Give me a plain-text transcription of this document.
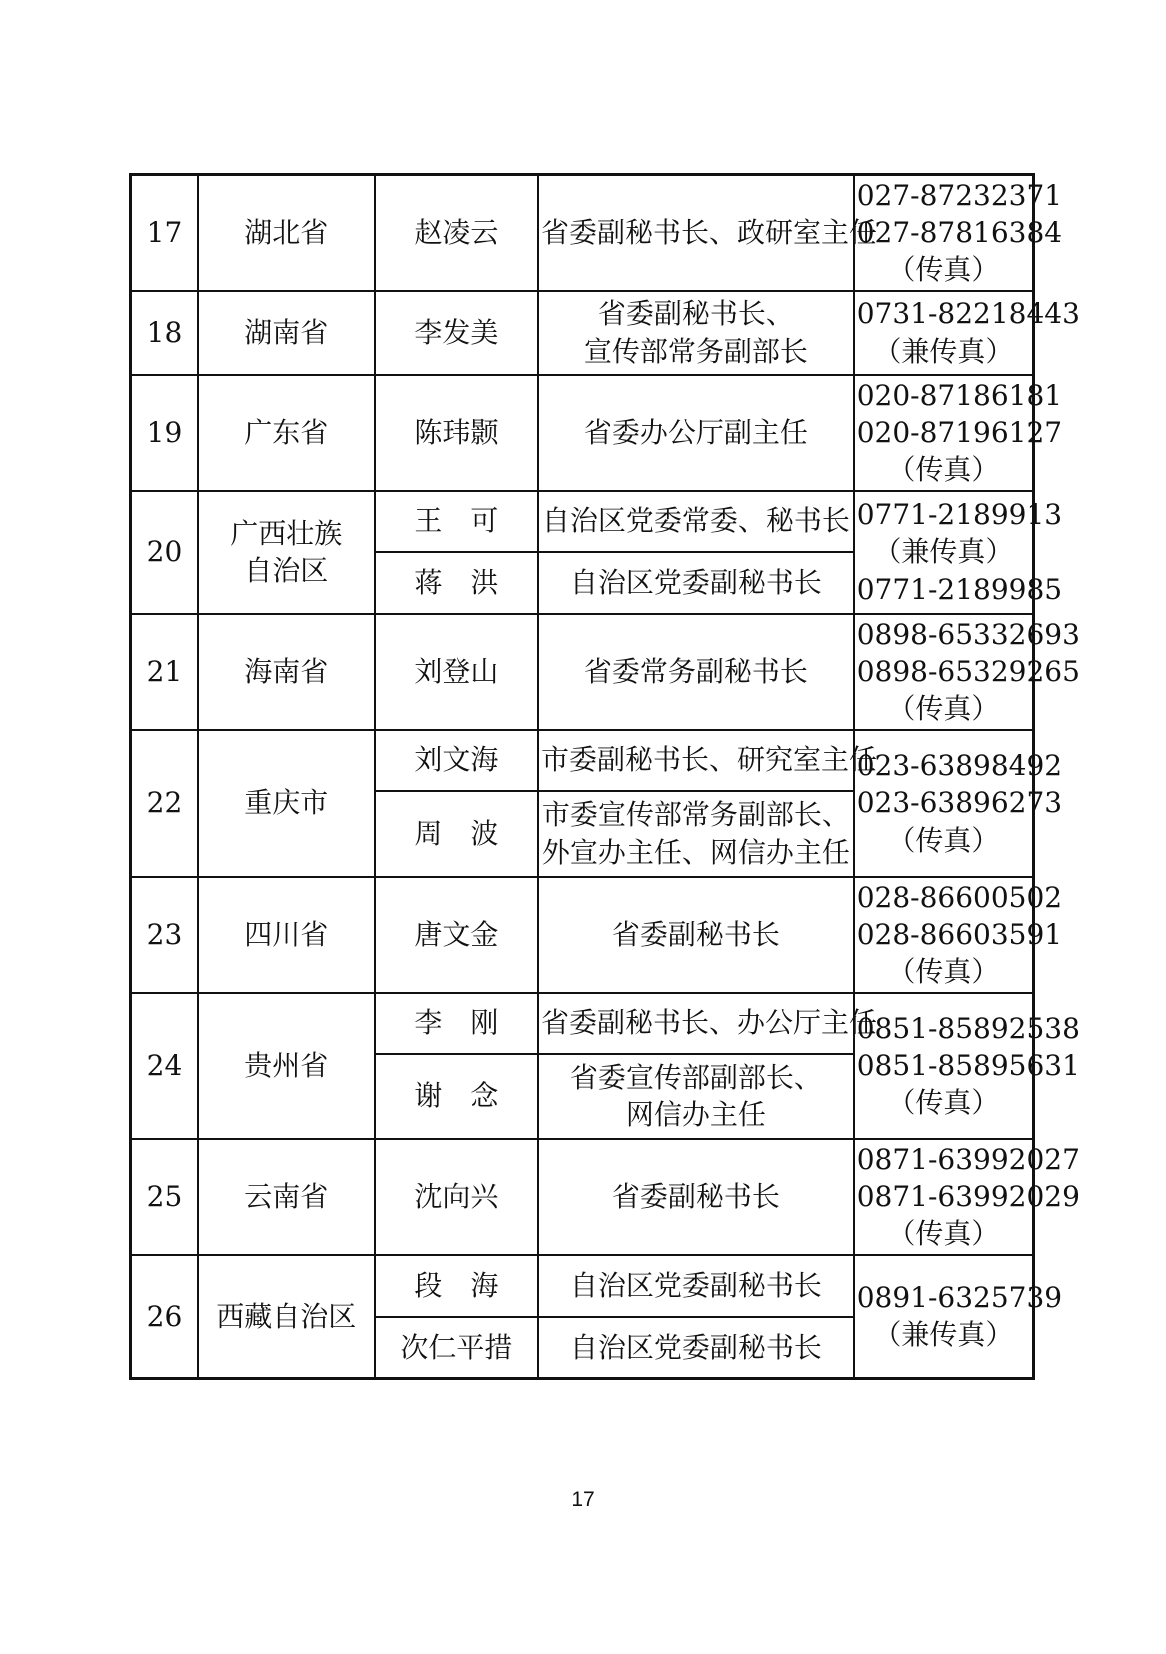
17	湖北省	赵凌云	省委副秘书长、政研室主任	027-87232371
027-87816384
（传真）

18	湖南省	李发美	省委副秘书长、
宣传部常务副部长	0731-82218443
（兼传真）

19	广东省	陈玮颢	省委办公厅副主任	020-87186181
020-87196127
（传真）

20	广西壮族
自治区	王　可	自治区党委常委、秘书长	0771-2189913
（兼传真）
0771-2189985

		蒋　洪	自治区党委副秘书长	

21	海南省	刘登山	省委常务副秘书长	0898-65332693
0898-65329265
（传真）

22	重庆市	刘文海	市委副秘书长、研究室主任	023-63898492
023-63896273
（传真）

		周　波	市委宣传部常务副部长、
外宣办主任、网信办主任	

23	四川省	唐文金	省委副秘书长	028-86600502
028-86603591
（传真）

24	贵州省	李　刚	省委副秘书长、办公厅主任	0851-85892538
0851-85895631
（传真）

		谢　念	省委宣传部副部长、
网信办主任	

25	云南省	沈向兴	省委副秘书长	0871-63992027
0871-63992029
（传真）

26	西藏自治区	段　海	自治区党委副秘书长	0891-6325739
（兼传真）

		次仁平措	自治区党委副秘书长	
17
